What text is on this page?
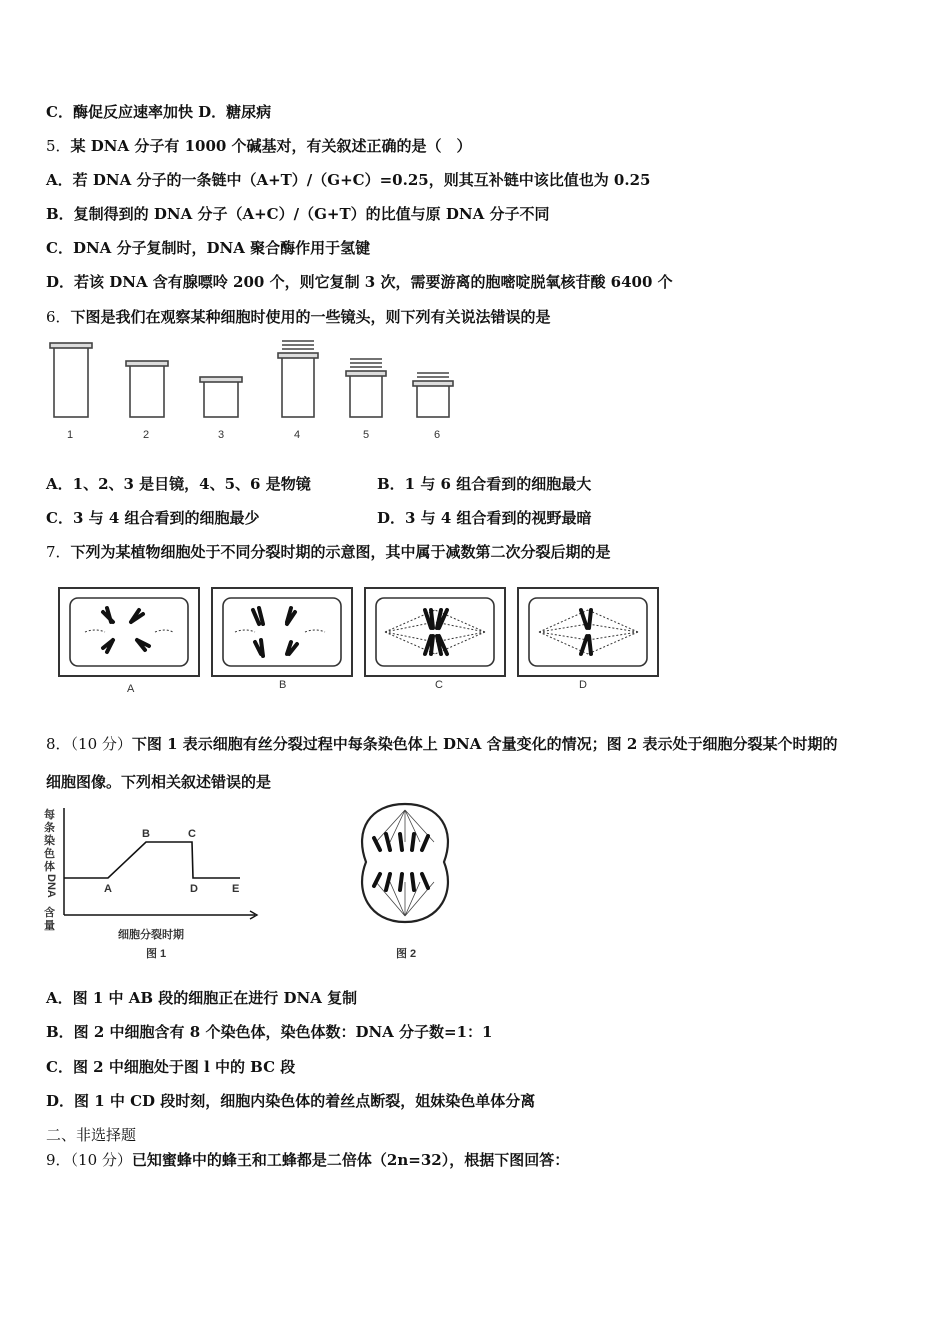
C．酶促反应速率加快 D．糖尿病
5．某 DNA 分子有 1000 个碱基对，有关叙述正确的是（　）
A．若 DNA 分子的一条链中（A+T）/（G+C）=0.25，则其互补链中该比值也为 0.25
B．复制得到的 DNA 分子（A+C）/（G+T）的比值与原 DNA 分子不同
C．DNA 分子复制时，DNA 聚合酶作用于氢键
D．若该 DNA 含有腺嘌呤 200 个，则它复制 3 次，需要游离的胞嘧啶脱氧核苷酸 6400 个
6．下图是我们在观察某种细胞时使用的一些镜头，则下列有关说法错误的是
1	2	3	4	5	6
A．1、2、3 是目镜，4、5、6 是物镜	B．1 与 6 组合看到的细胞最大
C．3 与 4 组合看到的细胞最少	D．3 与 4 组合看到的视野最暗
7．下列为某植物细胞处于不同分裂时期的示意图，其中属于减数第二次分裂后期的是
A	B	C	D
8．（10 分）下图 1 表示细胞有丝分裂过程中每条染色体上 DNA 含量变化的情况；图 2 表示处于细胞分裂某个时期的
细胞图像。下列相关叙述错误的是
每
条
染
色
体
DNA
含
量
A
B	C
D	E
细胞分裂时期
图 1	图 2
A．图 1 中 AB 段的细胞正在进行 DNA 复制
B．图 2 中细胞含有 8 个染色体，染色体数：DNA 分子数=1：1
C．图 2 中细胞处于图 l 中的 BC 段
D．图 1 中 CD 段时刻，细胞内染色体的着丝点断裂，姐妹染色单体分离
二、非选择题
9．（10 分）已知蜜蜂中的蜂王和工蜂都是二倍体（2n=32），根据下图回答：
